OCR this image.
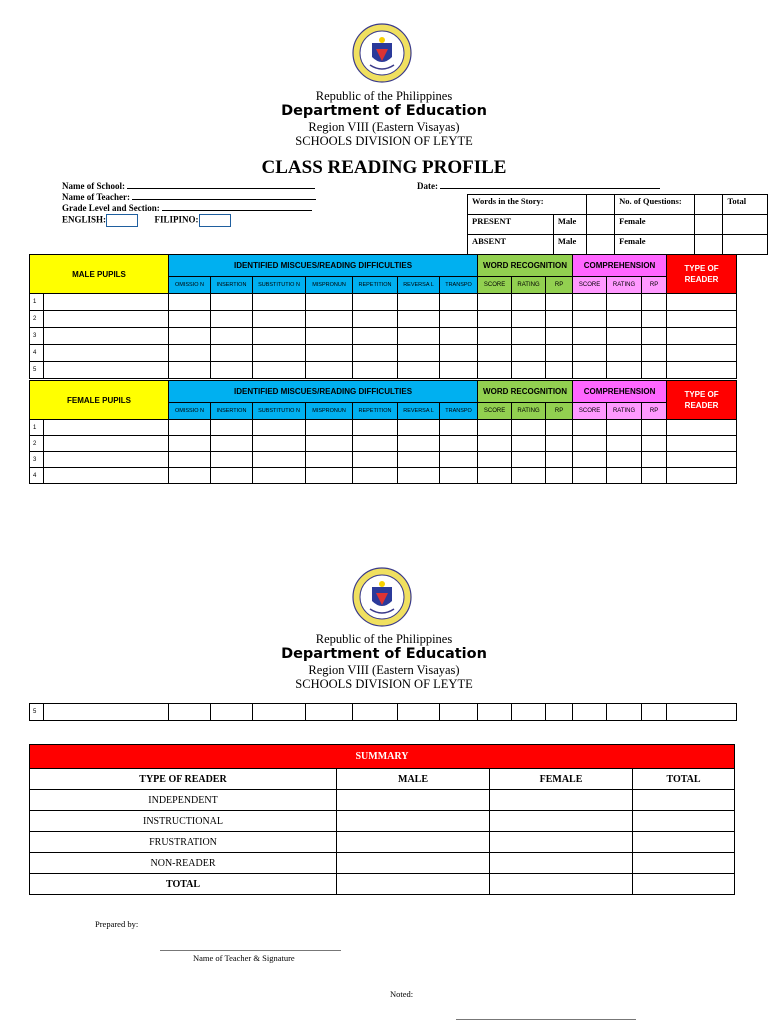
Republic of the Philippines
Department of Education
Region VIII (Eastern Visayas)
SCHOOLS DIVISION OF LEYTE
CLASS READING PROFILE
Name of School:
Name of Teacher:
Grade Level and Section:
ENGLISH:	FILIPINO:
Date:
Words in the Story:			No. of Questions:		Total
PRESENT	Male		Female		
ABSENT	Male		Female		
MALE PUPILS		IDENTIFIED MISCUES/READING DIFFICULTIES							WORD RECOGNITION			COMPREHENSION			TYPE OF READER
		OMISSIO N	INSERTION	SUBSTITUTIO N	MISPRONUN	REPETITION	REVERSA L	TRANSPO	SCORE	RATING	RP	SCORE	RATING	RP	
1															
2															
3															
4															
5															
FEMALE PUPILS		IDENTIFIED MISCUES/READING DIFFICULTIES							WORD RECOGNITION			COMPREHENSION			TYPE OF READER
		OMISSIO N	INSERTION	SUBSTITUTIO N	MISPRONUN	REPETITION	REVERSA L	TRANSPO	SCORE	RATING	RP	SCORE	RATING	RP	
1															
2															
3															
4															
Republic of the Philippines
Department of Education
Region VIII (Eastern Visayas)
SCHOOLS DIVISION OF LEYTE
5															
SUMMARY			
TYPE OF READER	MALE	FEMALE	TOTAL
INDEPENDENT			
INSTRUCTIONAL			
FRUSTRATION			
NON-READER			
TOTAL			
Prepared by:
Name of Teacher & Signature
Noted:
